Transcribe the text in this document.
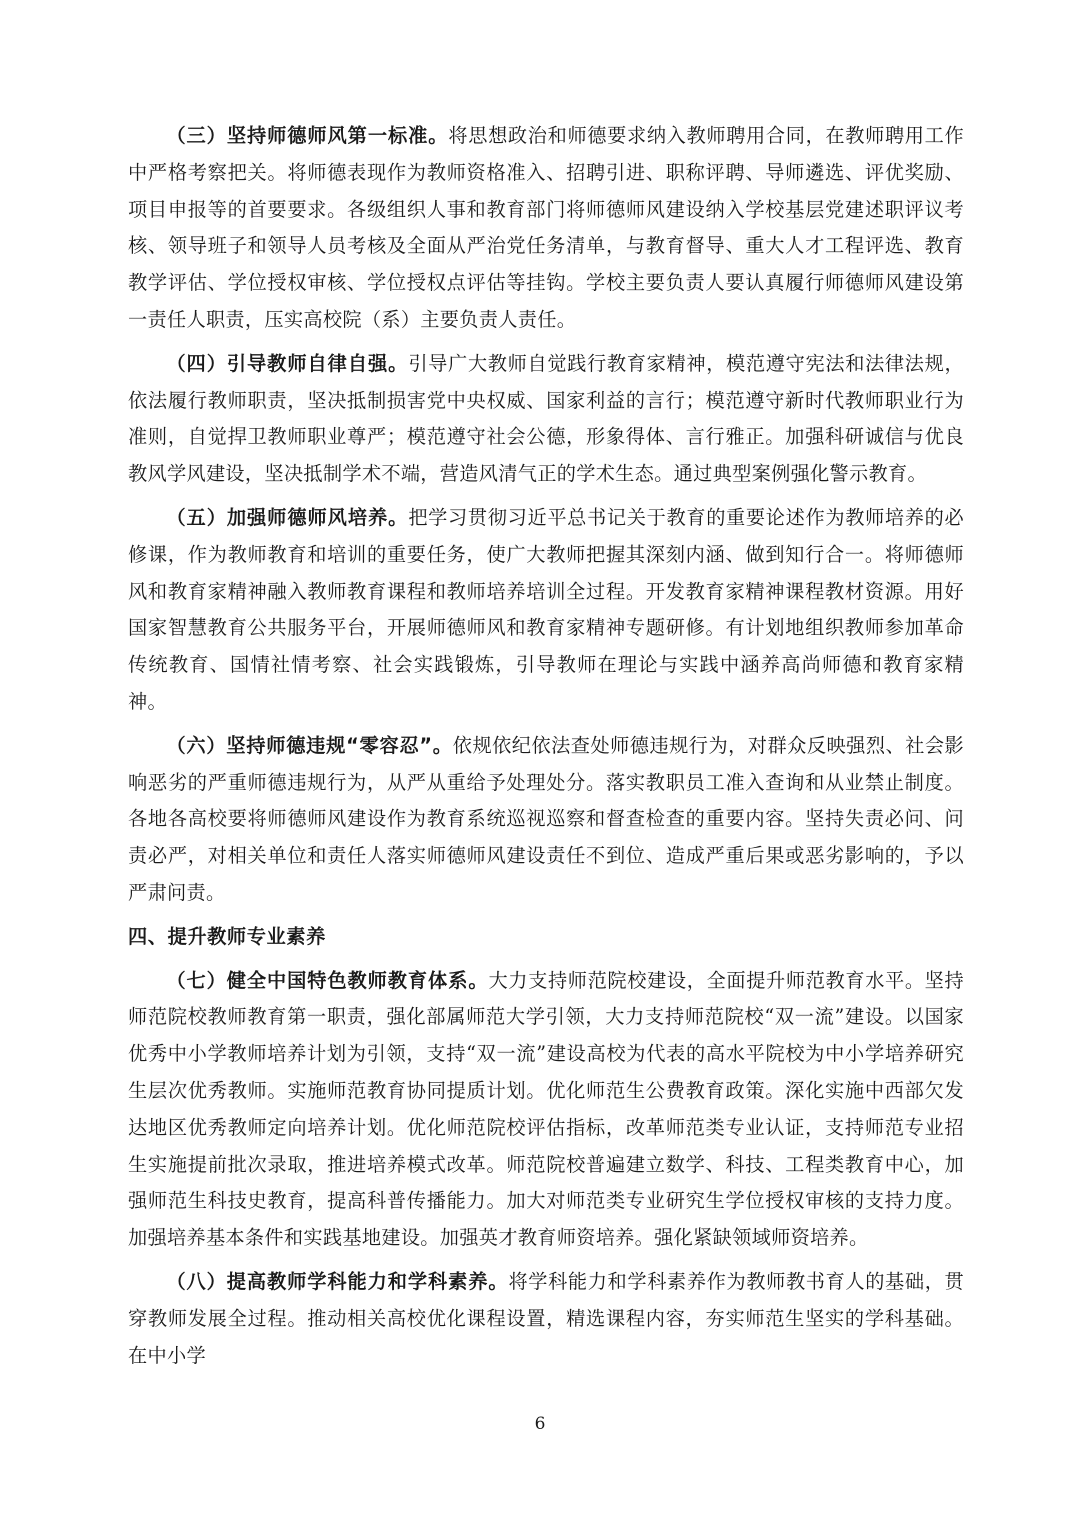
（三）坚持师德师风第一标准。将思想政治和师德要求纳入教师聘用合同，在教师聘用工作中严格考察把关。将师德表现作为教师资格准入、招聘引进、职称评聘、导师遴选、评优奖励、项目申报等的首要要求。各级组织人事和教育部门将师德师风建设纳入学校基层党建述职评议考核、领导班子和领导人员考核及全面从严治党任务清单，与教育督导、重大人才工程评选、教育教学评估、学位授权审核、学位授权点评估等挂钩。学校主要负责人要认真履行师德师风建设第一责任人职责，压实高校院（系）主要负责人责任。

（四）引导教师自律自强。引导广大教师自觉践行教育家精神，模范遵守宪法和法律法规，依法履行教师职责，坚决抵制损害党中央权威、国家利益的言行；模范遵守新时代教师职业行为准则，自觉捍卫教师职业尊严；模范遵守社会公德，形象得体、言行雅正。加强科研诚信与优良教风学风建设，坚决抵制学术不端，营造风清气正的学术生态。通过典型案例强化警示教育。

（五）加强师德师风培养。把学习贯彻习近平总书记关于教育的重要论述作为教师培养的必修课，作为教师教育和培训的重要任务，使广大教师把握其深刻内涵、做到知行合一。将师德师风和教育家精神融入教师教育课程和教师培养培训全过程。开发教育家精神课程教材资源。用好国家智慧教育公共服务平台，开展师德师风和教育家精神专题研修。有计划地组织教师参加革命传统教育、国情社情考察、社会实践锻炼，引导教师在理论与实践中涵养高尚师德和教育家精神。

（六）坚持师德违规“零容忍”。依规依纪依法查处师德违规行为，对群众反映强烈、社会影响恶劣的严重师德违规行为，从严从重给予处理处分。落实教职员工准入查询和从业禁止制度。各地各高校要将师德师风建设作为教育系统巡视巡察和督查检查的重要内容。坚持失责必问、问责必严，对相关单位和责任人落实师德师风建设责任不到位、造成严重后果或恶劣影响的，予以严肃问责。

四、提升教师专业素养

（七）健全中国特色教师教育体系。大力支持师范院校建设，全面提升师范教育水平。坚持师范院校教师教育第一职责，强化部属师范大学引领，大力支持师范院校“双一流”建设。以国家优秀中小学教师培养计划为引领，支持“双一流”建设高校为代表的高水平院校为中小学培养研究生层次优秀教师。实施师范教育协同提质计划。优化师范生公费教育政策。深化实施中西部欠发达地区优秀教师定向培养计划。优化师范院校评估指标，改革师范类专业认证，支持师范专业招生实施提前批次录取，推进培养模式改革。师范院校普遍建立数学、科技、工程类教育中心，加强师范生科技史教育，提高科普传播能力。加大对师范类专业研究生学位授权审核的支持力度。加强培养基本条件和实践基地建设。加强英才教育师资培养。强化紧缺领域师资培养。

（八）提高教师学科能力和学科素养。将学科能力和学科素养作为教师教书育人的基础，贯穿教师发展全过程。推动相关高校优化课程设置，精选课程内容，夯实师范生坚实的学科基础。在中小学

6
